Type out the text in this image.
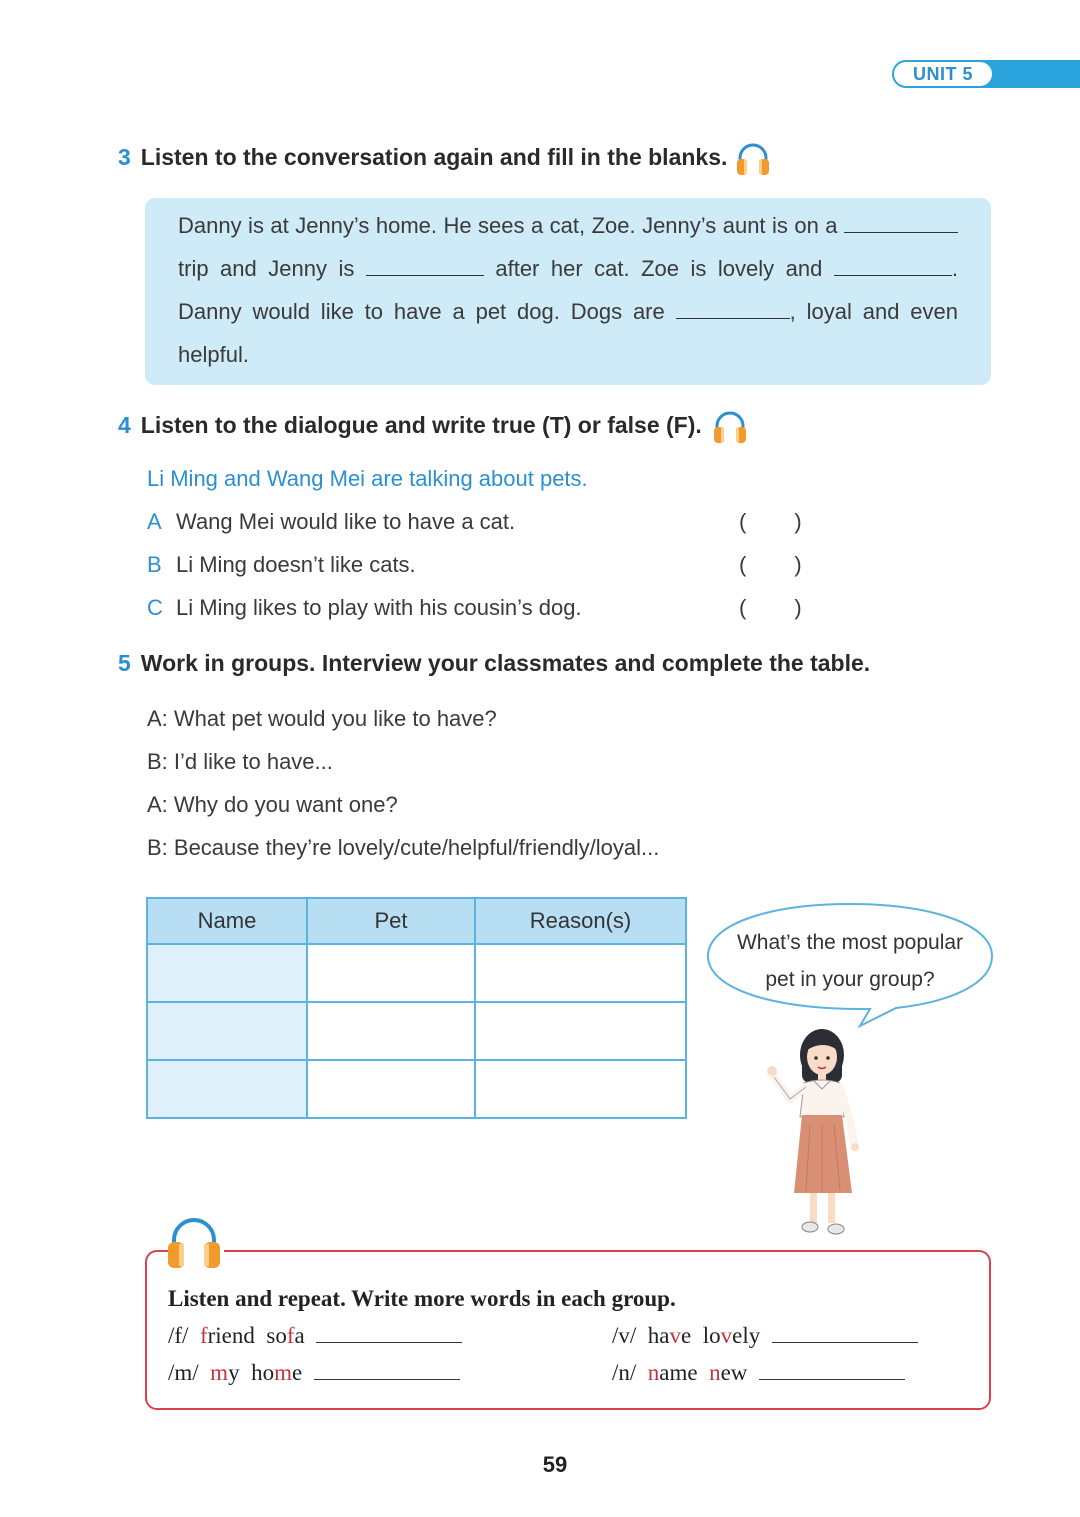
UNIT 5
3 Listen to the conversation again and fill in the blanks.

Danny is at Jenny’s home. He sees a cat, Zoe. Jenny’s aunt is on a

trip and Jenny is	after her cat. Zoe is lovely and	.

Danny would like to have a pet dog. Dogs are	, loyal and even

helpful.

4 Listen to the dialogue and write true (T) or false (F).
Li Ming and Wang Mei are talking about pets.
A Wang Mei would like to have a cat.	( )
B Li Ming doesn’t like cats.	( )
C Li Ming likes to play with his cousin’s dog.	( )
5 Work in groups. Interview your classmates and complete the table.
A: What pet would you like to have?
B: I’d like to have...
A: Why do you want one?
B: Because they’re lovely/cute/helpful/friendly/loyal...
Name	Pet	Reason(s)

What’s the most popular
pet in your group?
Listen and repeat. Write more words in each group.
/f/ friend sofa	/v/ have lovely
/m/ my home	/n/ name new
59
